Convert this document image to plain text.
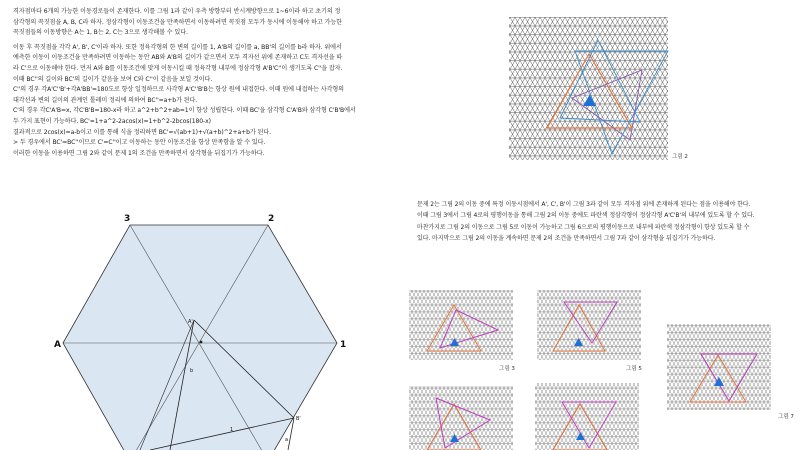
격자점마다 6개의 가능한 이동경로들이 존재한다. 이를 그림 1과 같이 우측 방향부터 반시계방향으로 1~6이라 하고 초기의 정

삼각형의 꼭짓점을 A, B, C라 하자. 정삼각형이 이동조건을 만족하면서 이동하려면 꼭짓점 모두가 동시에 이동해야 하고 가능한

꼭짓점들의 이동방향은 A는 1, B는 2, C는 3으로 생각해볼 수 있다.

이동 후 꼭짓점을 각각 A', B', C'이라 하자. 또한 정육각형의 한 변의 길이를 1, A'B의 길이를 a, BB'의 길이를 b라 하자. 위에서

예측한 이동이 이동조건을 만족하려면 이동하는 동안 AB와 A'B의 길이가 같으면서 모두 격자선 위에 존재하고 C도 격자선을 따

라 C'으로 이동해야 한다. 먼저 A와 B를 이동조건에 맞게 이동시킬 때 정육각형 내부에 정삼각형 A'B'C''이 생기도록 C''을 잡자.

이때 BC''의 길이와 BC'의 길이가 같음을 보여 C와 C''이 같음을 보일 것이다.

C''의 경우 각A'C''B'+각A'BB'=180도로 항상 일정하므로 사각형 A'C''B'B는 항상 원에 내접한다. 이때 원에 내접하는 사각형의

대각선과 변의 길이의 관계인 톨레미 정리에 의하여 BC''=a+b가 된다.

C'의 경우 각C'A'B=x, 각C'B'B=180-x라 하고 a^2+b^2+ab=1이 항상 성립한다. 이때 BC'을 삼각형 C'A'B와 삼각형 C'B'B에서

두 가지 표현이 가능하다. BC'=1+a^2-2acos(x)=1+b^2-2bcos(180-x)

결과적으로 2cos(x)=a-b이고 이를 통해 식을 정리하면 BC'=√(ab+1)+√(a+b)^2+a+b가 된다.

> 두 경우에서 BC'=BC''이므로 C'=C''이고 이동하는 동안 이동조건을 항상 만족함을 알 수 있다.

이러한 이동을 이용하면 그림 2와 같이 문제 1의 조건을 만족하면서 삼각형을 뒤집기가 가능하다.

문제 2는 그림 2의 이동 중에 특정 이동시점에서 A', C', B'이 그림 3과 같이 모두 격자점 위에 존재하게 된다는 점을 이용해야 한다.

이때 그림 3에서 그림 4로의 평행이동을 통해 그림 2의 이동 중에도 파란색 정삼각형이 정삼각형 A'C'B'의 내부에 있도록 할 수 있다.

마찬가지로 그림 2의 이동으로 그림 5로 이동이 가능하고 그림 6으로의 평행이동으로 내부에 파란색 정삼각형이 항상 있도록 할 수

있다. 마지막으로 그림 2의 이동을 계속하면 문제 2의 조건을 만족하면서 그림 7과 같이 삼각형을 뒤집기가 가능하다.

그림 2
3	2
A	1
A'
B'
1
a
b	그림 3	그림 5
그림 7
